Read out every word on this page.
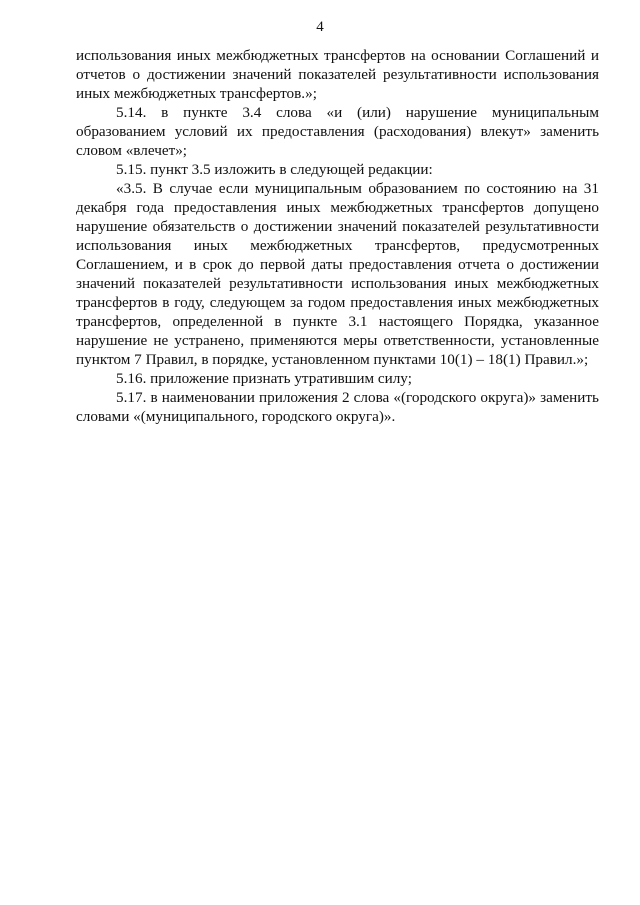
4

использования иных межбюджетных трансфертов на основании Соглашений и отчетов о достижении значений показателей результативности использования иных межбюджетных трансфертов.»;

5.14. в пункте 3.4 слова «и (или) нарушение муниципальным образованием условий их предоставления (расходования) влекут» заменить словом «влечет»;

5.15. пункт 3.5 изложить в следующей редакции:

«3.5. В случае если муниципальным образованием по состоянию на 31 декабря года предоставления иных межбюджетных трансфертов допущено нарушение обязательств о достижении значений показателей результативности использования иных межбюджетных трансфертов, предусмотренных Соглашением, и в срок до первой даты предоставления отчета о достижении значений показателей результативности использования иных межбюджетных трансфертов в году, следующем за годом предоставления иных межбюджетных трансфертов, определенной в пункте 3.1 настоящего Порядка, указанное нарушение не устранено, применяются меры ответственности, установленные пунктом 7 Правил, в порядке, установленном пунктами 10(1) – 18(1) Правил.»;

5.16. приложение признать утратившим силу;

5.17. в наименовании приложения 2 слова «(городского округа)» заменить словами «(муниципального, городского округа)».
